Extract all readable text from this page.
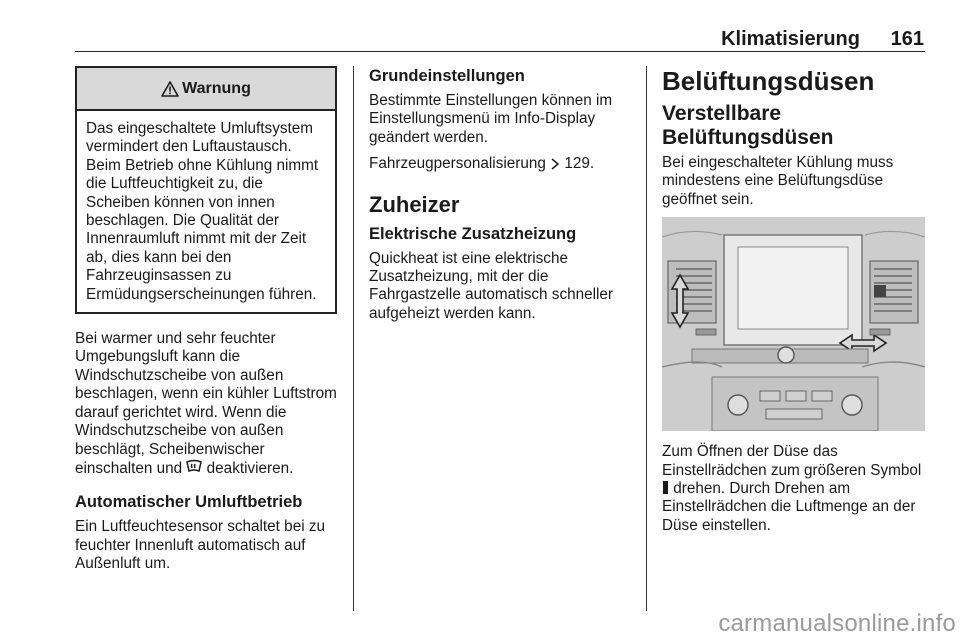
Klimatisierung	161
Warnung

Das eingeschaltete Umluftsystem vermindert den Luftaustausch. Beim Betrieb ohne Kühlung nimmt die Luftfeuchtigkeit zu, die Scheiben können von innen beschlagen. Die Qualität der Innenraumluft nimmt mit der Zeit ab, dies kann bei den Fahrzeuginsassen zu Ermüdungserscheinungen führen.

Bei warmer und sehr feuchter Umgebungsluft kann die Windschutzscheibe von außen beschlagen, wenn ein kühler Luftstrom darauf gerichtet wird. Wenn die Windschutzscheibe von außen beschlägt, Scheibenwischer einschalten und deaktivieren.

Automatischer Umluftbetrieb

Ein Luftfeuchtesensor schaltet bei zu feuchter Innenluft automatisch auf Außenluft um.

Grundeinstellungen

Bestimmte Einstellungen können im Einstellungsmenü im Info-Display geändert werden.

Fahrzeugpersonalisierung 129.

Zuheizer
Elektrische Zusatzheizung

Quickheat ist eine elektrische Zusatzheizung, mit der die Fahrgastzelle automatisch schneller aufgeheizt werden kann.

Belüftungsdüsen
Verstellbare Belüftungsdüsen

Bei eingeschalteter Kühlung muss mindestens eine Belüftungsdüse geöffnet sein.

Zum Öffnen der Düse das Einstellrädchen zum größeren Symbol  drehen. Durch Drehen am Einstellrädchen die Luftmenge an der Düse einstellen.

carmanualsonline.info
